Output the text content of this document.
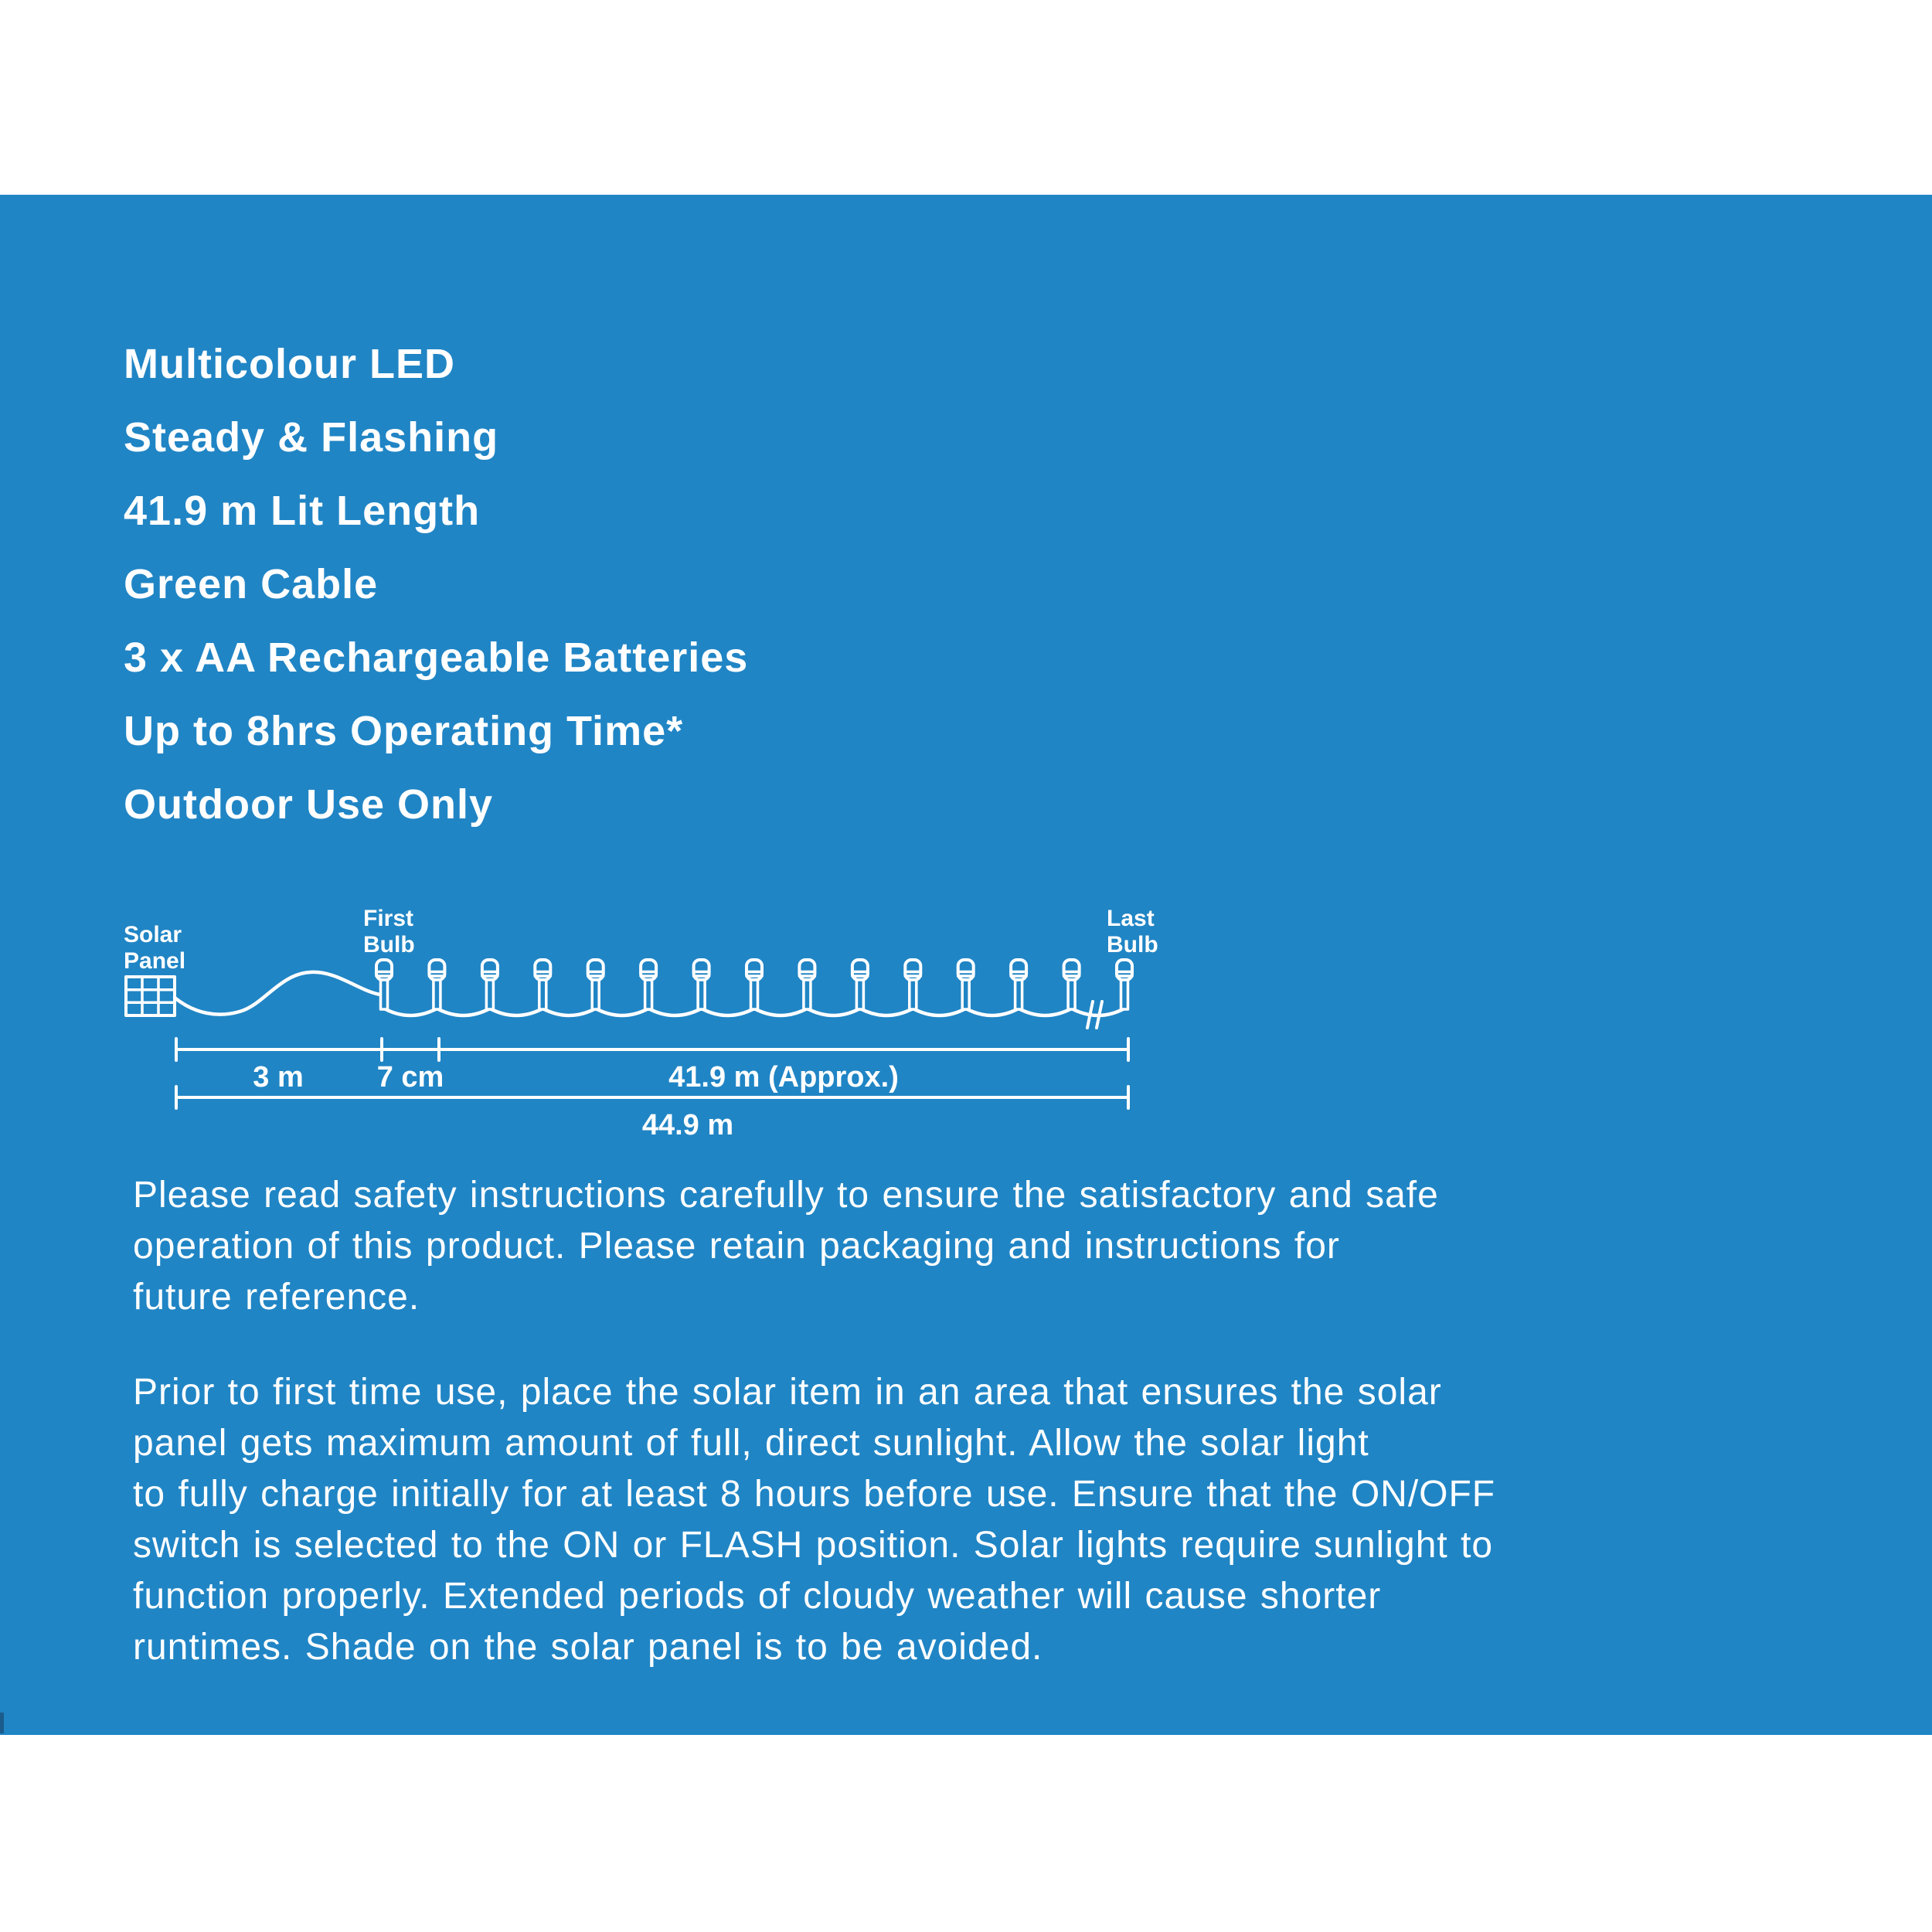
Multicolour LED
Steady & Flashing
41.9 m Lit Length
Green Cable
3 x AA Rechargeable Batteries
Up to 8hrs Operating Time*
Outdoor Use Only
Solar
Panel
First
Bulb
Last
Bulb
3 m 7 cm	41.9 m (Approx.)
44.9 m
Please read safety instructions carefully to ensure the satisfactory and safe
operation of this product. Please retain packaging and instructions for
future reference.
Prior to first time use, place the solar item in an area that ensures the solar
panel gets maximum amount of full, direct sunlight. Allow the solar light
to fully charge initially for at least 8 hours before use. Ensure that the ON/OFF
switch is selected to the ON or FLASH position. Solar lights require sunlight to
function properly. Extended periods of cloudy weather will cause shorter
runtimes. Shade on the solar panel is to be avoided.
